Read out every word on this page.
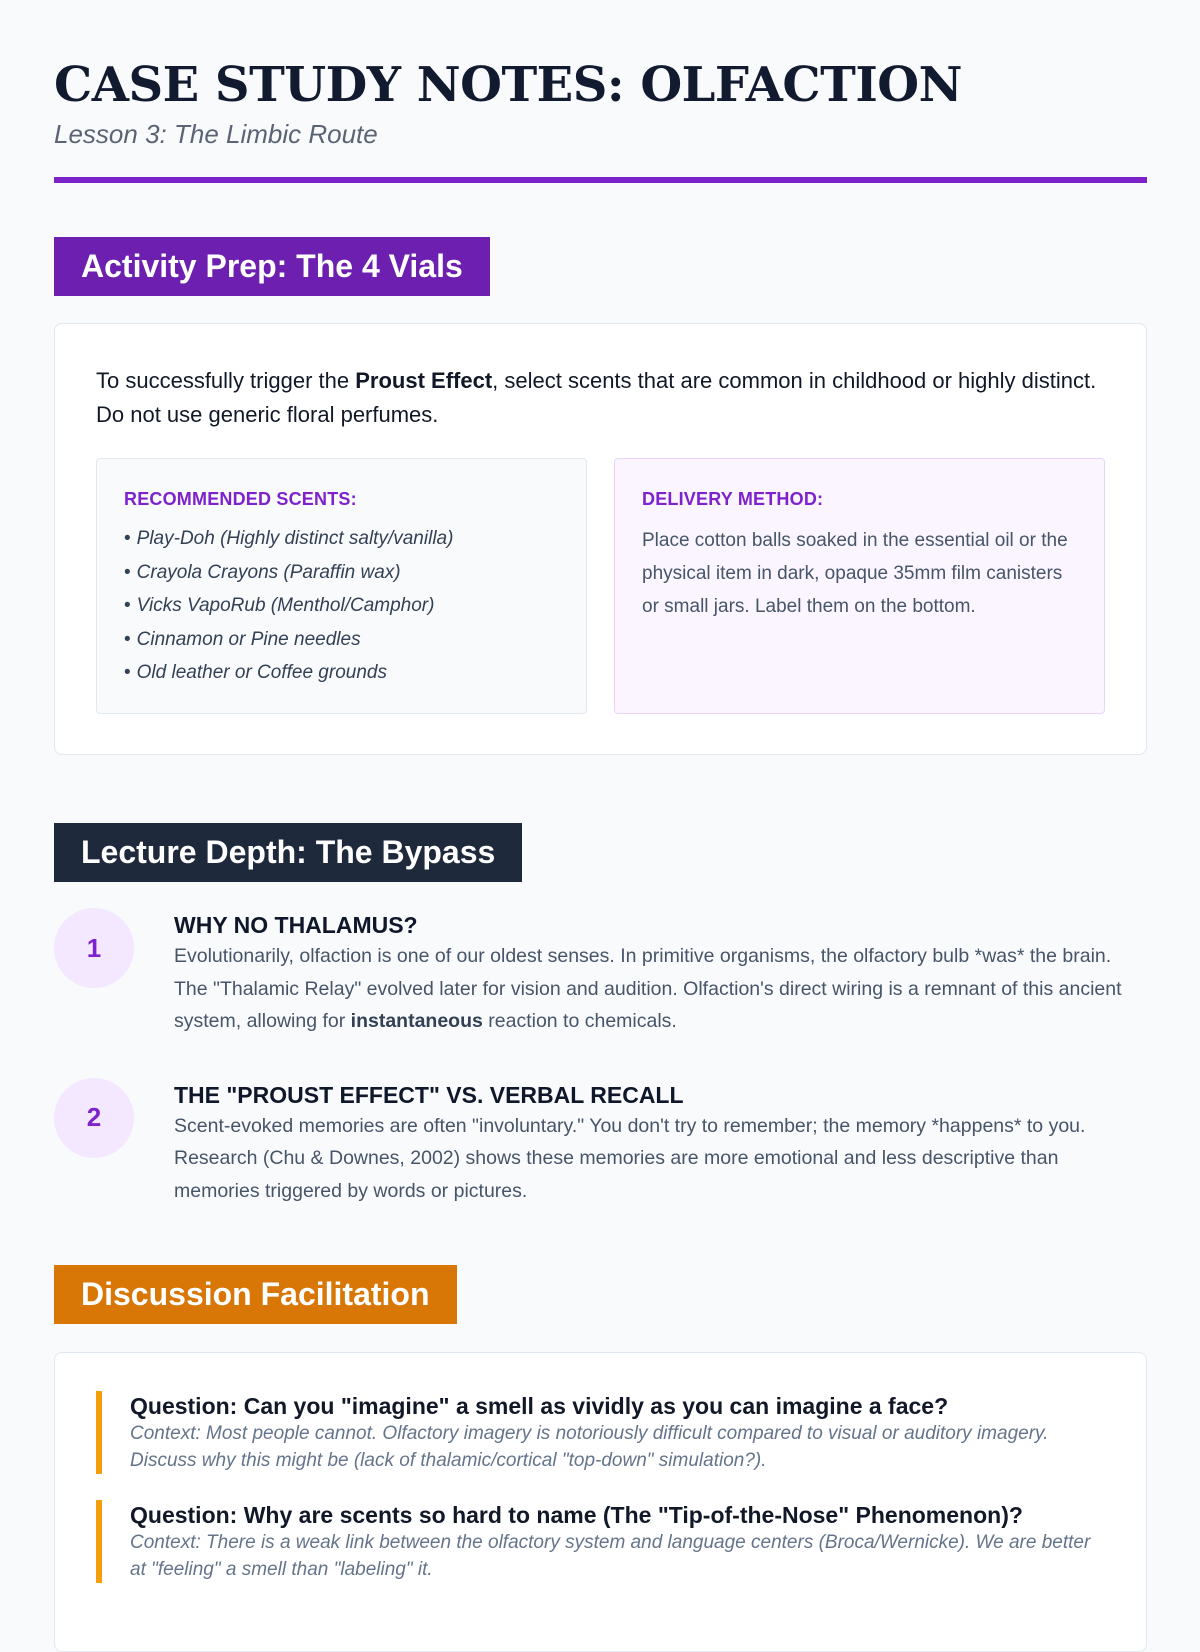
CASE STUDY NOTES: OLFACTION
Lesson 3: The Limbic Route
Activity Prep: The 4 Vials

To successfully trigger the Proust Effect, select scents that are common in childhood or highly distinct. Do not use generic floral perfumes.

RECOMMENDED SCENTS:
• Play-Doh (Highly distinct salty/vanilla)
• Crayola Crayons (Paraffin wax)
• Vicks VapoRub (Menthol/Camphor)
• Cinnamon or Pine needles
• Old leather or Coffee grounds
DELIVERY METHOD:
Place cotton balls soaked in the essential oil or the physical item in dark, opaque 35mm film canisters or small jars. Label them on the bottom.
Lecture Depth: The Bypass
1
WHY NO THALAMUS?
Evolutionarily, olfaction is one of our oldest senses. In primitive organisms, the olfactory bulb *was* the brain. The "Thalamic Relay" evolved later for vision and audition. Olfaction's direct wiring is a remnant of this ancient system, allowing for instantaneous reaction to chemicals.
2
THE "PROUST EFFECT" VS. VERBAL RECALL
Scent-evoked memories are often "involuntary." You don't try to remember; the memory *happens* to you. Research (Chu & Downes, 2002) shows these memories are more emotional and less descriptive than memories triggered by words or pictures.
Discussion Facilitation
Question: Can you "imagine" a smell as vividly as you can imagine a face?
Context: Most people cannot. Olfactory imagery is notoriously difficult compared to visual or auditory imagery. Discuss why this might be (lack of thalamic/cortical "top-down" simulation?).
Question: Why are scents so hard to name (The "Tip-of-the-Nose" Phenomenon)?
Context: There is a weak link between the olfactory system and language centers (Broca/Wernicke). We are better at "feeling" a smell than "labeling" it.
